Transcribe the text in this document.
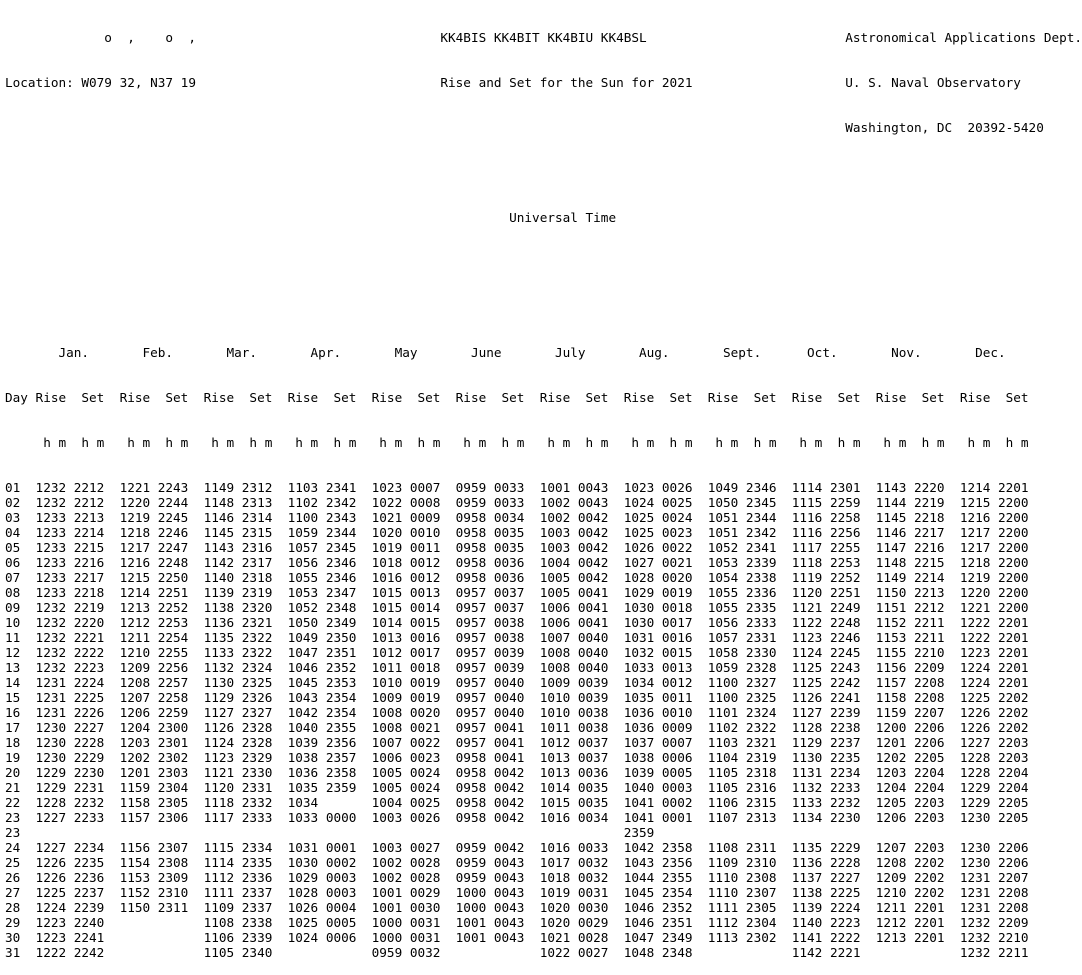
o  ,    o  ,                                KK4BIS KK4BIT KK4BIU KK4BSL                          Astronomical Applications Dept.

Location: W079 32, N37 19                                Rise and Set for the Sun for 2021                    U. S. Naval Observatory

Washington, DC  20392-5420

Universal Time

Jan.       Feb.       Mar.       Apr.       May       June       July       Aug.       Sept.      Oct.       Nov.       Dec.

Day Rise  Set  Rise  Set  Rise  Set  Rise  Set  Rise  Set  Rise  Set  Rise  Set  Rise  Set  Rise  Set  Rise  Set  Rise  Set  Rise  Set

h m  h m   h m  h m   h m  h m   h m  h m   h m  h m   h m  h m   h m  h m   h m  h m   h m  h m   h m  h m   h m  h m   h m  h m

01  1232 2212  1221 2243  1149 2312  1103 2341  1023 0007  0959 0033  1001 0043  1023 0026  1049 2346  1114 2301  1143 2220  1214 2201
02  1232 2212  1220 2244  1148 2313  1102 2342  1022 0008  0959 0033  1002 0043  1024 0025  1050 2345  1115 2259  1144 2219  1215 2200
03  1233 2213  1219 2245  1146 2314  1100 2343  1021 0009  0958 0034  1002 0042  1025 0024  1051 2344  1116 2258  1145 2218  1216 2200
04  1233 2214  1218 2246  1145 2315  1059 2344  1020 0010  0958 0035  1003 0042  1025 0023  1051 2342  1116 2256  1146 2217  1217 2200
05  1233 2215  1217 2247  1143 2316  1057 2345  1019 0011  0958 0035  1003 0042  1026 0022  1052 2341  1117 2255  1147 2216  1217 2200
06  1233 2216  1216 2248  1142 2317  1056 2346  1018 0012  0958 0036  1004 0042  1027 0021  1053 2339  1118 2253  1148 2215  1218 2200
07  1233 2217  1215 2250  1140 2318  1055 2346  1016 0012  0958 0036  1005 0042  1028 0020  1054 2338  1119 2252  1149 2214  1219 2200
08  1233 2218  1214 2251  1139 2319  1053 2347  1015 0013  0957 0037  1005 0041  1029 0019  1055 2336  1120 2251  1150 2213  1220 2200
09  1232 2219  1213 2252  1138 2320  1052 2348  1015 0014  0957 0037  1006 0041  1030 0018  1055 2335  1121 2249  1151 2212  1221 2200
10  1232 2220  1212 2253  1136 2321  1050 2349  1014 0015  0957 0038  1006 0041  1030 0017  1056 2333  1122 2248  1152 2211  1222 2201
11  1232 2221  1211 2254  1135 2322  1049 2350  1013 0016  0957 0038  1007 0040  1031 0016  1057 2331  1123 2246  1153 2211  1222 2201
12  1232 2222  1210 2255  1133 2322  1047 2351  1012 0017  0957 0039  1008 0040  1032 0015  1058 2330  1124 2245  1155 2210  1223 2201
13  1232 2223  1209 2256  1132 2324  1046 2352  1011 0018  0957 0039  1008 0040  1033 0013  1059 2328  1125 2243  1156 2209  1224 2201
14  1231 2224  1208 2257  1130 2325  1045 2353  1010 0019  0957 0040  1009 0039  1034 0012  1100 2327  1125 2242  1157 2208  1224 2201
15  1231 2225  1207 2258  1129 2326  1043 2354  1009 0019  0957 0040  1010 0039  1035 0011  1100 2325  1126 2241  1158 2208  1225 2202
16  1231 2226  1206 2259  1127 2327  1042 2354  1008 0020  0957 0040  1010 0038  1036 0010  1101 2324  1127 2239  1159 2207  1226 2202
17  1230 2227  1204 2300  1126 2328  1040 2355  1008 0021  0957 0041  1011 0038  1036 0009  1102 2322  1128 2238  1200 2206  1226 2202
18  1230 2228  1203 2301  1124 2328  1039 2356  1007 0022  0957 0041  1012 0037  1037 0007  1103 2321  1129 2237  1201 2206  1227 2203
19  1230 2229  1202 2302  1123 2329  1038 2357  1006 0023  0958 0041  1013 0037  1038 0006  1104 2319  1130 2235  1202 2205  1228 2203
20  1229 2230  1201 2303  1121 2330  1036 2358  1005 0024  0958 0042  1013 0036  1039 0005  1105 2318  1131 2234  1203 2204  1228 2204
21  1229 2231  1159 2304  1120 2331  1035 2359  1005 0024  0958 0042  1014 0035  1040 0003  1105 2316  1132 2233  1204 2204  1229 2204
22  1228 2232  1158 2305  1118 2332  1034       1004 0025  0958 0042  1015 0035  1041 0002  1106 2315  1133 2232  1205 2203  1229 2205
23  1227 2233  1157 2306  1117 2333  1033 0000  1003 0026  0958 0042  1016 0034  1041 0001  1107 2313  1134 2230  1206 2203  1230 2205
23                                                                               2359
24  1227 2234  1156 2307  1115 2334  1031 0001  1003 0027  0959 0042  1016 0033  1042 2358  1108 2311  1135 2229  1207 2203  1230 2206
25  1226 2235  1154 2308  1114 2335  1030 0002  1002 0028  0959 0043  1017 0032  1043 2356  1109 2310  1136 2228  1208 2202  1230 2206
26  1226 2236  1153 2309  1112 2336  1029 0003  1002 0028  0959 0043  1018 0032  1044 2355  1110 2308  1137 2227  1209 2202  1231 2207
27  1225 2237  1152 2310  1111 2337  1028 0003  1001 0029  1000 0043  1019 0031  1045 2354  1110 2307  1138 2225  1210 2202  1231 2208
28  1224 2239  1150 2311  1109 2337  1026 0004  1001 0030  1000 0043  1020 0030  1046 2352  1111 2305  1139 2224  1211 2201  1231 2208
29  1223 2240             1108 2338  1025 0005  1000 0031  1001 0043  1020 0029  1046 2351  1112 2304  1140 2223  1212 2201  1232 2209
30  1223 2241             1106 2339  1024 0006  1000 0031  1001 0043  1021 0028  1047 2349  1113 2302  1141 2222  1213 2201  1232 2210
31  1222 2242             1105 2340             0959 0032             1022 0027  1048 2348             1142 2221             1232 2211
